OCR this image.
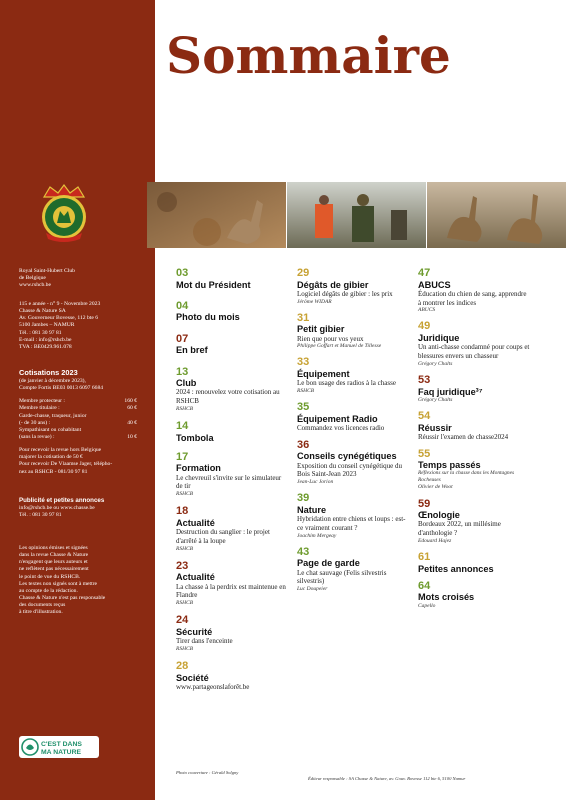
Royal Saint-Hubert Club
de Belgique
www.rshcb.be
115 e année - n° 9 - Novembre 2023
Chasse & Nature SA
Av. Gouverneur Bovesse, 112 bte 6
5100 Jambes – NAMUR
Tél. : 081 30 97 81
E-mail : info@rshcb.be
TVA : BE0429.961.078
Cotisations 2023
(de janvier à décembre 2023),
Compte Fortis BE03 0013 6097 6684
Membre protecteur :	160 €
Membre titulaire :	60 €
Garde-chasse, traqueur, junior
(- de 30 ans) :	40 €
Sympathisant ou cohabitant
(sans la revue) :	10 €
Pour recevoir la revue hors Belgique
majorer la cotisation de 50 €
Pour recevoir De Vlaamse Jager, télépho-
nez au RSHCB - 081/30 97 81
Publicité et petites annonces
info@rshcb.be ou www.chasse.be
Tél. : 081 30 97 81
Les opinions émises et signées
dans la revue Chasse & Nature
n'engagent que leurs auteurs et
ne reflètent pas nécessairement
le point de vue du RSHCB.
Les textes non signés sont à mettre
au compte de la rédaction.
Chasse & Nature n'est pas responsable
des documents reçus
à titre d'illustration.
C'EST DANS
MA NATURE
Sommaire
03
Mot du Président
04
Photo du mois
07
En bref
13
Club
2024 : renouvelez votre cotisation au RSHCB
RSHCB
14
Tombola
17
Formation
Le chevreuil s'invite sur le simulateur de tir
RSHCB
18
Actualité
Destruction du sanglier : le projet d'arrêté à la loupe
RSHCB
23
Actualité
La chasse à la perdrix est maintenue en Flandre
RSHCB
24
Sécurité
Tirer dans l'enceinte
RSHCB
28
Société
www.partageonslaforêt.be
29
Dégâts de gibier
Logiciel dégâts de gibier : les prix
Jérôme WIDAR
31
Petit gibier
Rien que pour vos yeux
Philippe Goffart et Manuel de Tillesse
33
Équipement
Le bon usage des radios à la chasse
RSHCB
35
Équipement Radio
Commandez vos licences radio
36
Conseils cynégétiques
Exposition du conseil cynégétique du Bois Saint-Jean 2023
Jean-Luc Jorion
39
Nature
Hybridation entre chiens et loups : est-ce vraiment courant ?
Joachim Mergeay
43
Page de garde
Le chat sauvage (Felis silvestris silvestris)
Luc Doupeier
47
ABUCS
Éducation du chien de sang, apprendre à montrer les indices
ABUCS
49
Juridique
Un anti-chasse condamné pour coups et blessures envers un chasseur
Grégory Chalts
53
Faq juridique³⁷
Grégory Chalts
54
Réussir
Réussir l'examen de chasse2024
55
Temps passés
Réflexions sur la chasse dans les Montagnes Rocheuses
Olivier de Woot
59
Œnologie
Bordeaux 2022, un millésime d'anthologie ?
Edouard Hajez
61
Petites annonces
64
Mots croisés
Capello
Photo couverture : Gérald Solgny
Éditeur responsable : SA Chasse & Nature, av. Gouv. Bovesse 112 bte 6, 5100 Namur
